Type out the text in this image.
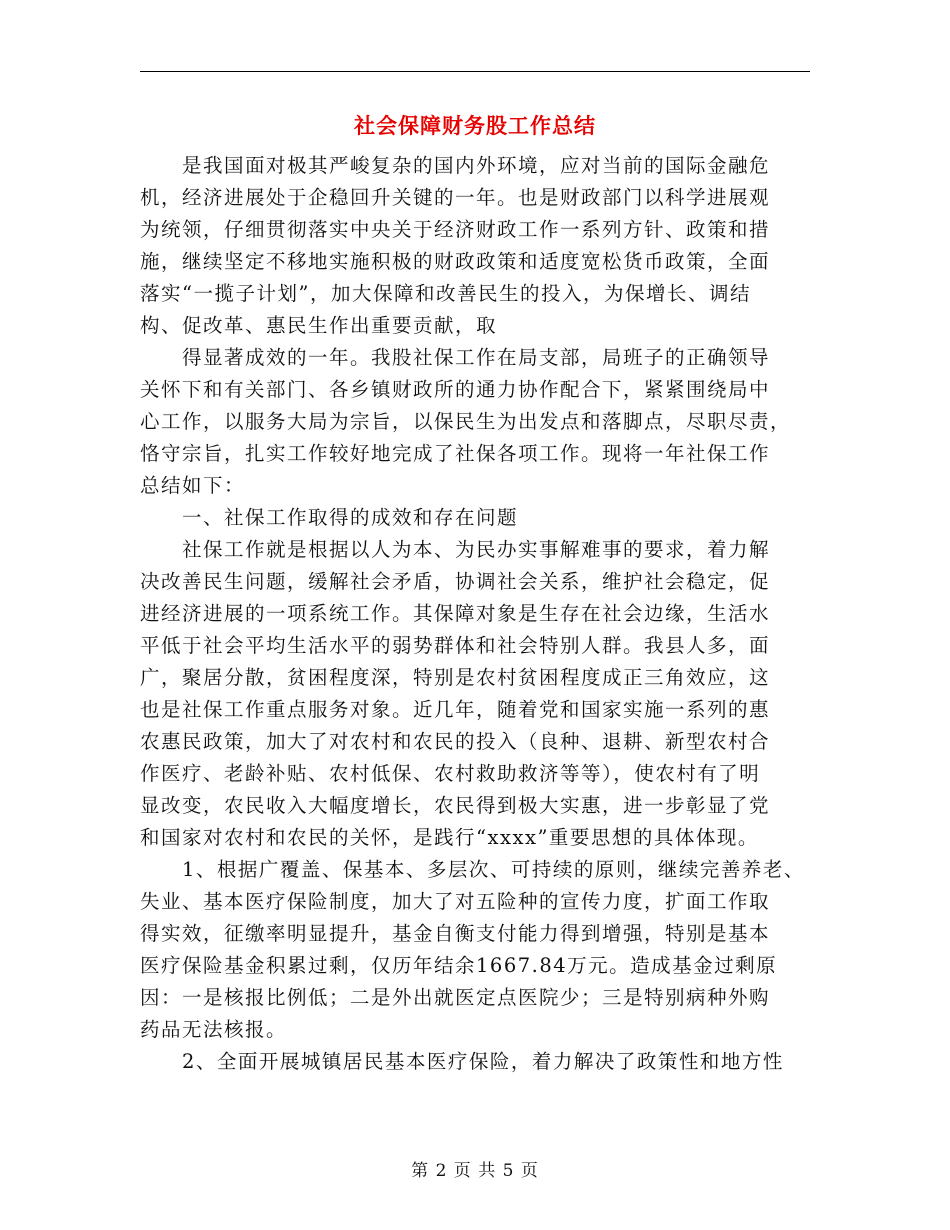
社会保障财务股工作总结
是我国面对极其严峻复杂的国内外环境，应对当前的国际金融危
机，经济进展处于企稳回升关键的一年。也是财政部门以科学进展观
为统领，仔细贯彻落实中央关于经济财政工作一系列方针、政策和措
施，继续坚定不移地实施积极的财政政策和适度宽松货币政策，全面
落实“一揽子计划”，加大保障和改善民生的投入，为保增长、调结
构、促改革、惠民生作出重要贡献，取
得显著成效的一年。我股社保工作在局支部，局班子的正确领导
关怀下和有关部门、各乡镇财政所的通力协作配合下，紧紧围绕局中
心工作，以服务大局为宗旨，以保民生为出发点和落脚点，尽职尽责，
恪守宗旨，扎实工作较好地完成了社保各项工作。现将一年社保工作
总结如下：
一、社保工作取得的成效和存在问题
社保工作就是根据以人为本、为民办实事解难事的要求，着力解
决改善民生问题，缓解社会矛盾，协调社会关系，维护社会稳定，促
进经济进展的一项系统工作。其保障对象是生存在社会边缘，生活水
平低于社会平均生活水平的弱势群体和社会特别人群。我县人多，面
广，聚居分散，贫困程度深，特别是农村贫困程度成正三角效应，这
也是社保工作重点服务对象。近几年，随着党和国家实施一系列的惠
农惠民政策，加大了对农村和农民的投入（良种、退耕、新型农村合
作医疗、老龄补贴、农村低保、农村救助救济等等），使农村有了明
显改变，农民收入大幅度增长，农民得到极大实惠，进一步彰显了党
和国家对农村和农民的关怀，是践行“xxxx”重要思想的具体体现。
1、根据广覆盖、保基本、多层次、可持续的原则，继续完善养老、
失业、基本医疗保险制度，加大了对五险种的宣传力度，扩面工作取
得实效，征缴率明显提升，基金自衡支付能力得到增强，特别是基本
医疗保险基金积累过剩，仅历年结余1667.84万元。造成基金过剩原
因：一是核报比例低；二是外出就医定点医院少；三是特别病种外购
药品无法核报。
2、全面开展城镇居民基本医疗保险，着力解决了政策性和地方性
第 2 页 共 5 页
